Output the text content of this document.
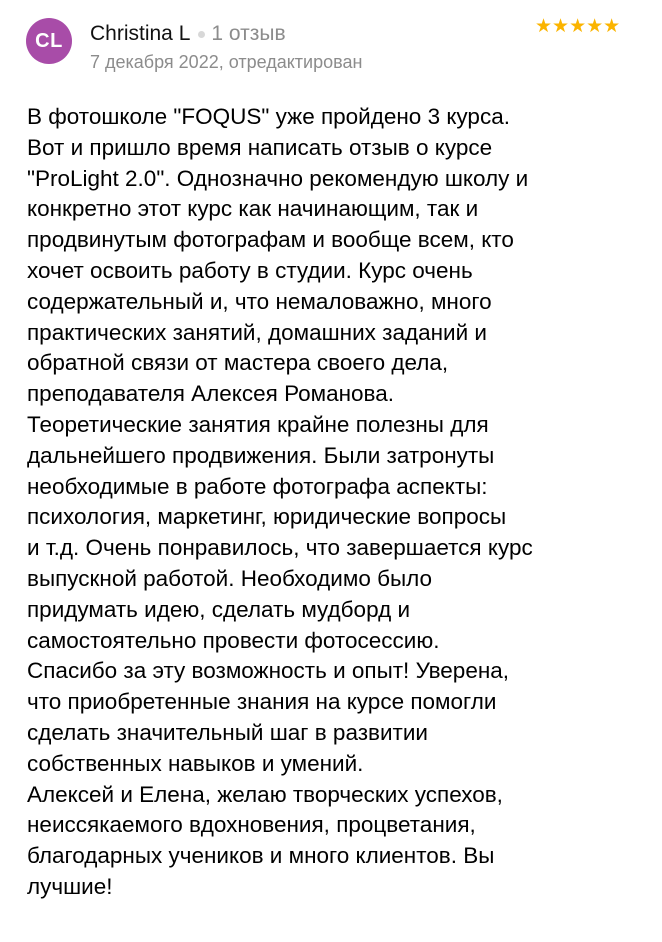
CL	Christina L 1 отзыв
7 декабря 2022, отредактирован
★★★★★
В фотошколе "FOQUS" уже пройдено 3 курса.
Вот и пришло время написать отзыв о курсе
"ProLight 2.0". Однозначно рекомендую школу и
конкретно этот курс как начинающим, так и
продвинутым фотографам и вообще всем, кто
хочет освоить работу в студии. Курс очень
содержательный и, что немаловажно, много
практических занятий, домашних заданий и
обратной связи от мастера своего дела,
преподавателя Алексея Романова.
Теоретические занятия крайне полезны для
дальнейшего продвижения. Были затронуты
необходимые в работе фотографа аспекты:
психология, маркетинг, юридические вопросы
и т.д. Очень понравилось, что завершается курс
выпускной работой. Необходимо было
придумать идею, сделать мудборд и
самостоятельно провести фотосессию.
Спасибо за эту возможность и опыт! Уверена,
что приобретенные знания на курсе помогли
сделать значительный шаг в развитии
собственных навыков и умений.
Алексей и Елена, желаю творческих успехов,
неиссякаемого вдохновения, процветания,
благодарных учеников и много клиентов. Вы
лучшие!
